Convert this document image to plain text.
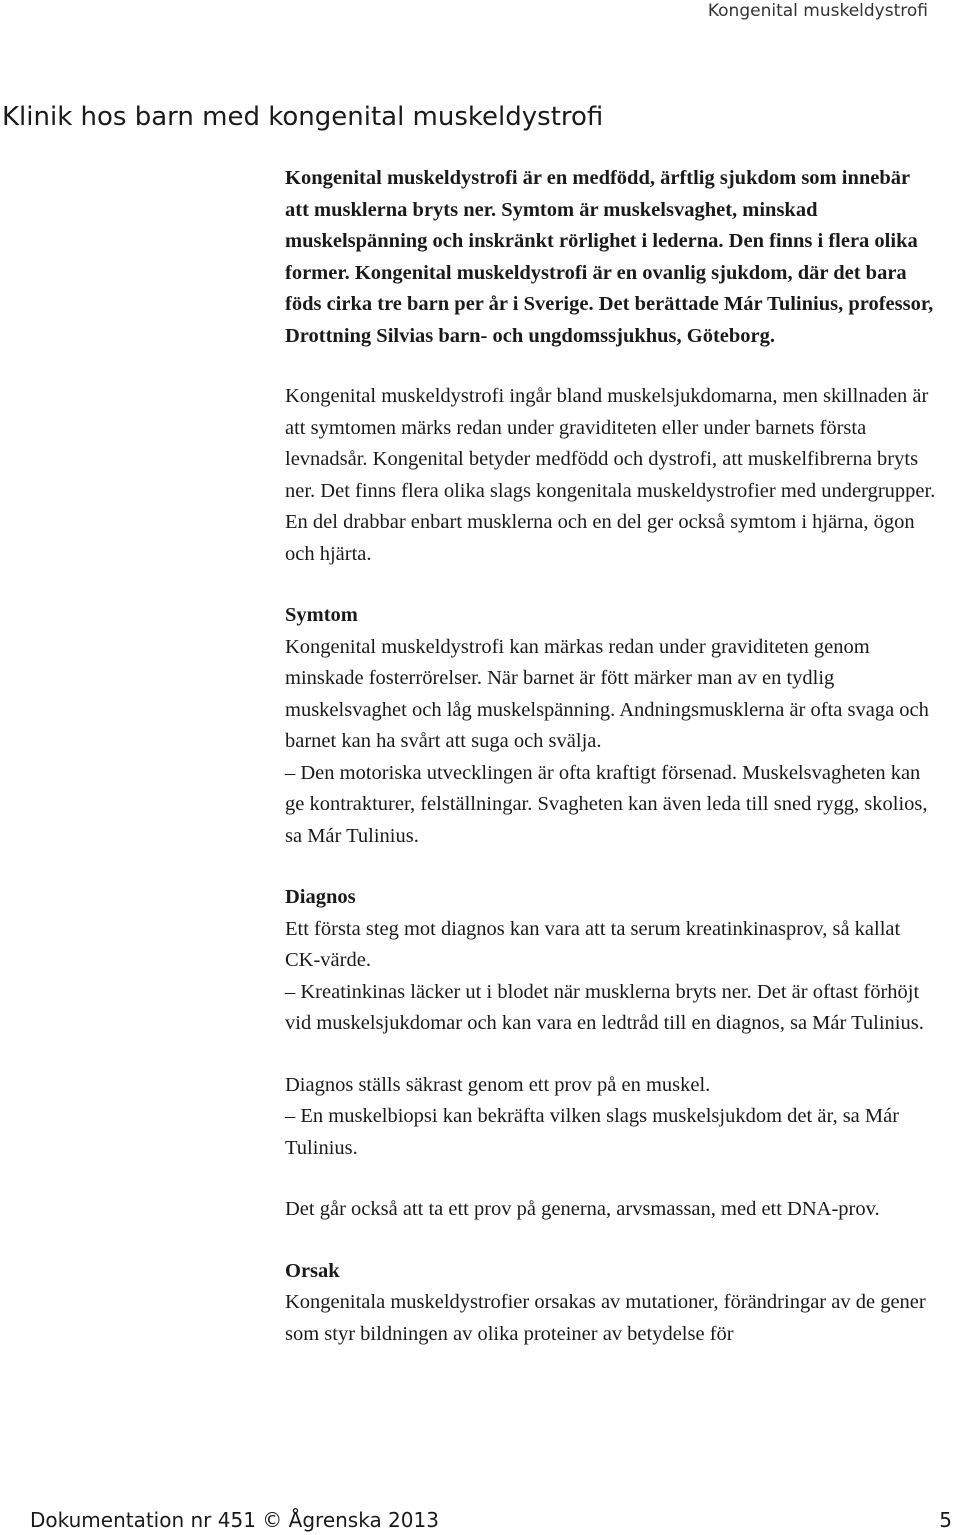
Kongenital muskeldystrofi
Klinik hos barn med kongenital muskeldystrofi

Kongenital muskeldystrofi är en medfödd, ärftlig sjukdom som innebär att musklerna bryts ner. Symtom är muskelsvaghet, minskad muskelspänning och inskränkt rörlighet i lederna. Den finns i flera olika former. Kongenital muskeldystrofi är en ovanlig sjukdom, där det bara föds cirka tre barn per år i Sverige. Det berättade Már Tulinius, professor, Drottning Silvias barn- och ungdomssjukhus, Göteborg.

Kongenital muskeldystrofi ingår bland muskelsjukdomarna, men skillnaden är att symtomen märks redan under graviditeten eller under barnets första levnadsår. Kongenital betyder medfödd och dystrofi, att muskelfibrerna bryts ner. Det finns flera olika slags kongenitala muskeldystrofier med undergrupper. En del drabbar enbart musklerna och en del ger också symtom i hjärna, ögon och hjärta.

Symtom

Kongenital muskeldystrofi kan märkas redan under graviditeten genom minskade fosterrörelser. När barnet är fött märker man av en tydlig muskelsvaghet och låg muskelspänning. Andningsmusklerna är ofta svaga och barnet kan ha svårt att suga och svälja.

– Den motoriska utvecklingen är ofta kraftigt försenad. Muskelsvagheten kan ge kontrakturer, felställningar. Svagheten kan även leda till sned rygg, skolios, sa Már Tulinius.

Diagnos

Ett första steg mot diagnos kan vara att ta serum kreatinkinasprov, så kallat CK-värde.

– Kreatinkinas läcker ut i blodet när musklerna bryts ner. Det är oftast förhöjt vid muskelsjukdomar och kan vara en ledtråd till en diagnos, sa Már Tulinius.

Diagnos ställs säkrast genom ett prov på en muskel.

– En muskelbiopsi kan bekräfta vilken slags muskelsjukdom det är, sa Már Tulinius.

Det går också att ta ett prov på generna, arvsmassan, med ett DNA-prov.

Orsak

Kongenitala muskeldystrofier orsakas av mutationer, förändringar av de gener som styr bildningen av olika proteiner av betydelse för

Dokumentation nr 451 © Ågrenska 2013	5
